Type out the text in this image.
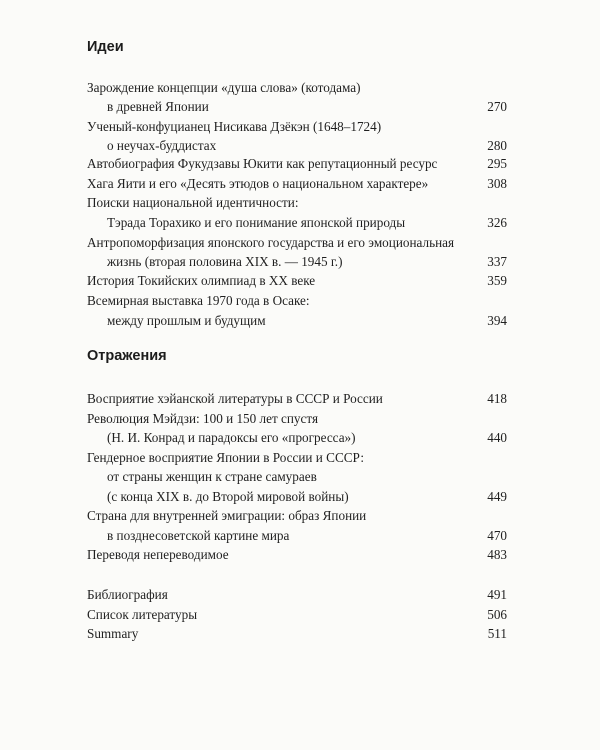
Идеи
Зарождение концепции «душа слова» (котодама)
в древней Японии	270
Ученый-конфуцианец Нисикава Дзёкэн (1648–1724)
о неучах-буддистах	280
Автобиография Фукудзавы Юкити как репутационный ресурс	295
Хага Яити и его «Десять этюдов о национальном характере»	308
Поиски национальной идентичности:
Тэрада Торахико и его понимание японской природы	326
Антропоморфизация японского государства и его эмоциональная
жизнь (вторая половина XIX в. — 1945 г.)	337
История Токийских олимпиад в XX веке	359
Всемирная выставка 1970 года в Осаке:
между прошлым и будущим	394
Отражения
Восприятие хэйанской литературы в СССР и России	418
Революция Мэйдзи: 100 и 150 лет спустя
(Н. И. Конрад и парадоксы его «прогресса»)	440
Гендерное восприятие Японии в России и СССР:
от страны женщин к стране самураев
(с конца XIX в. до Второй мировой войны)	449
Страна для внутренней эмиграции: образ Японии
в позднесоветской картине мира	470
Переводя непереводимое	483
Библиография	491
Список литературы	506
Summary	511
